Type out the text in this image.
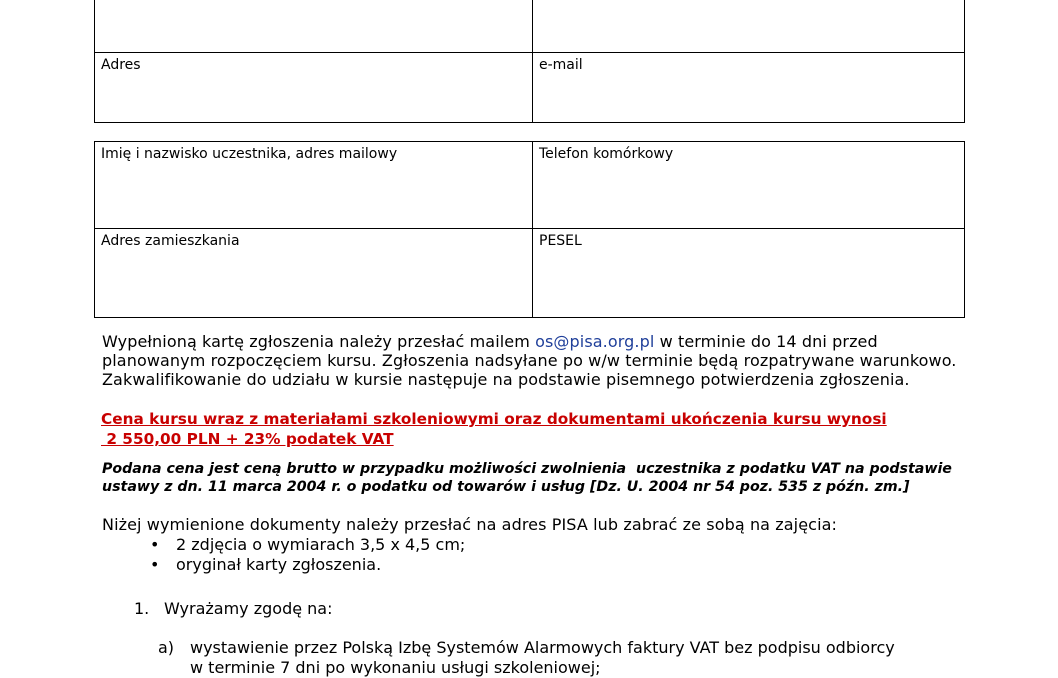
Adres	e-mail
Imię i nazwisko uczestnika, adres mailowy	Telefon komórkowy
Adres zamieszkania	PESEL
Wypełnioną kartę zgłoszenia należy przesłać mailem os@pisa.org.pl w terminie do 14 dni przed
planowanym rozpoczęciem kursu. Zgłoszenia nadsyłane po w/w terminie będą rozpatrywane warunkowo.
Zakwalifikowanie do udziału w kursie następuje na podstawie pisemnego potwierdzenia zgłoszenia.
Cena kursu wraz z materiałami szkoleniowymi oraz dokumentami ukończenia kursu wynosi
2 550,00 PLN + 23% podatek VAT
Podana cena jest ceną brutto w przypadku możliwości zwolnienia  uczestnika z podatku VAT na podstawie
ustawy z dn. 11 marca 2004 r. o podatku od towarów i usług [Dz. U. 2004 nr 54 poz. 535 z późn. zm.]
Niżej wymienione dokumenty należy przesłać na adres PISA lub zabrać ze sobą na zajęcia:
•	2 zdjęcia o wymiarach 3,5 x 4,5 cm;
•	oryginał karty zgłoszenia.
1. Wyrażamy zgodę na:
a) wystawienie przez Polską Izbę Systemów Alarmowych faktury VAT bez podpisu odbiorcy
w terminie 7 dni po wykonaniu usługi szkoleniowej;
